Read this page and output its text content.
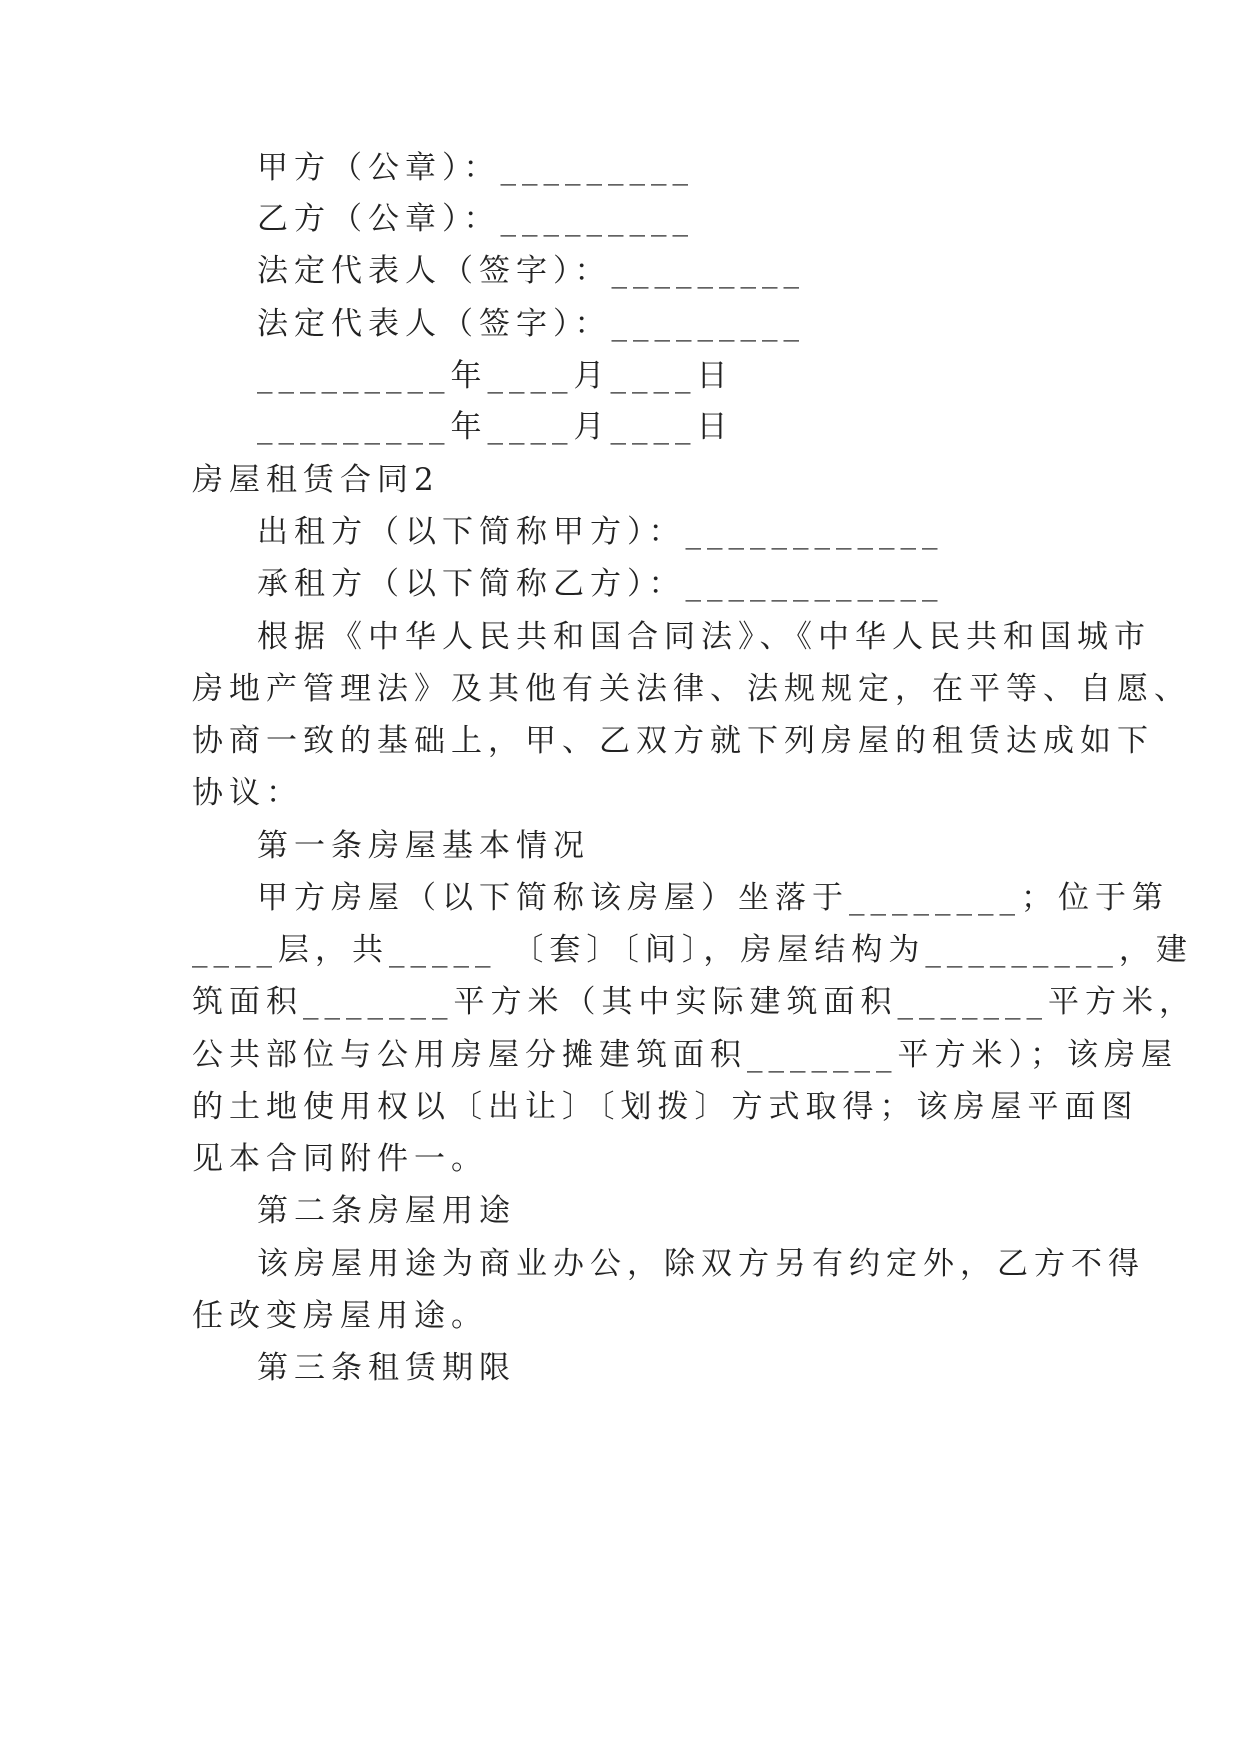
甲方（公章）：_________
乙方（公章）：_________
法定代表人（签字）：_________
法定代表人（签字）：_________
_________年____月____日
_________年____月____日
房屋租赁合同2
出租方（以下简称甲方）：____________
承租方（以下简称乙方）：____________
根据《中华人民共和国合同法》、《中华人民共和国城市
房地产管理法》及其他有关法律、法规规定，在平等、自愿、
协商一致的基础上，甲、乙双方就下列房屋的租赁达成如下
协议：
第一条房屋基本情况
甲方房屋（以下简称该房屋）坐落于________；位于第
____层，共_____ 〔套〕〔间〕，房屋结构为_________，建
筑面积_______平方米（其中实际建筑面积_______平方米，
公共部位与公用房屋分摊建筑面积_______平方米）；该房屋
的土地使用权以〔出让〕〔划拨〕方式取得；该房屋平面图
见本合同附件一。
第二条房屋用途
该房屋用途为商业办公，除双方另有约定外，乙方不得
任改变房屋用途。
第三条租赁期限
